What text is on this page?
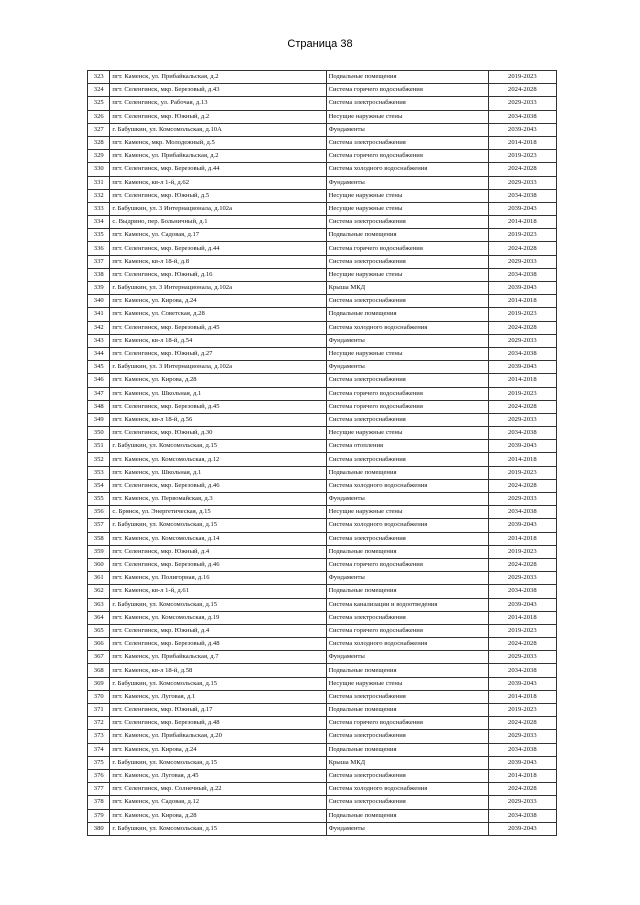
Страница 38
323	пгт. Каменск, ул. Прибайкальская, д.2	Подвальные помещения	2019-2023
324	пгт. Селенгинск, мкр. Березовый, д.43	Система горячего водоснабжения	2024-2028
325	пгт. Селенгинск, ул. Рабочая, д.13	Система электроснабжения	2029-2033
326	пгт. Селенгинск, мкр. Южный, д.2	Несущие наружные стены	2034-2038
327	г. Бабушкин, ул. Комсомольская, д.10А	Фундаменты	2039-2043
328	пгт. Каменск, мкр. Молодежный, д.5	Система электроснабжения	2014-2018
329	пгт. Каменск, ул. Прибайкальская, д.2	Система горячего водоснабжения	2019-2023
330	пгт. Селенгинск, мкр. Березовый, д.44	Система холодного водоснабжения	2024-2028
331	пгт. Каменск, кв-л 1-й, д.62	Фундаменты	2029-2033
332	пгт. Селенгинск, мкр. Южный, д.5	Несущие наружные стены	2034-2038
333	г. Бабушкин, ул. 3 Интернационала, д.102а	Несущие наружные стены	2039-2043
334	с. Выдрино, пер. Больничный, д.1	Система электроснабжения	2014-2018
335	пгт. Каменск, ул. Садовая, д.17	Подвальные помещения	2019-2023
336	пгт. Селенгинск, мкр. Березовый, д.44	Система горячего водоснабжения	2024-2028
337	пгт. Каменск, кв-л 18-й, д.8	Система электроснабжения	2029-2033
338	пгт. Селенгинск, мкр. Южный, д.16	Несущие наружные стены	2034-2038
339	г. Бабушкин, ул. 3 Интернационала, д.102а	Крыша МКД	2039-2043
340	пгт. Каменск, ул. Кирова, д.24	Система электроснабжения	2014-2018
341	пгт. Каменск, ул. Советская, д.28	Подвальные помещения	2019-2023
342	пгт. Селенгинск, мкр. Березовый, д.45	Система холодного водоснабжения	2024-2028
343	пгт. Каменск, кв-л 18-й, д.54	Фундаменты	2029-2033
344	пгт. Селенгинск, мкр. Южный, д.27	Несущие наружные стены	2034-2038
345	г. Бабушкин, ул. 3 Интернационала, д.102а	Фундаменты	2039-2043
346	пгт. Каменск, ул. Кирова, д.28	Система электроснабжения	2014-2018
347	пгт. Каменск, ул. Школьная, д.1	Система горячего водоснабжения	2019-2023
348	пгт. Селенгинск, мкр. Березовый, д.45	Система горячего водоснабжения	2024-2028
349	пгт. Каменск, кв-л 18-й, д.56	Система электроснабжения	2029-2033
350	пгт. Селенгинск, мкр. Южный, д.30	Несущие наружные стены	2034-2038
351	г. Бабушкин, ул. Комсомольская, д.15	Система отопления	2039-2043
352	пгт. Каменск, ул. Комсомольская, д.12	Система электроснабжения	2014-2018
353	пгт. Каменск, ул. Школьная, д.1	Подвальные помещения	2019-2023
354	пгт. Селенгинск, мкр. Березовый, д.46	Система холодного водоснабжения	2024-2028
355	пгт. Каменск, ул. Первомайская, д.3	Фундаменты	2029-2033
356	с. Брянск, ул. Энергетическая, д.15	Несущие наружные стены	2034-2038
357	г. Бабушкин, ул. Комсомольская, д.15	Система холодного водоснабжения	2039-2043
358	пгт. Каменск, ул. Комсомольская, д.14	Система электроснабжения	2014-2018
359	пгт. Селенгинск, мкр. Южный, д.4	Подвальные помещения	2019-2023
360	пгт. Селенгинск, мкр. Березовый, д.46	Система горячего водоснабжения	2024-2028
361	пгт. Каменск, ул. Полигорная, д.16	Фундаменты	2029-2033
362	пгт. Каменск, кв-л 1-й, д.61	Подвальные помещения	2034-2038
363	г. Бабушкин, ул. Комсомольская, д.15	Система канализации и водоотведения	2039-2043
364	пгт. Каменск, ул. Комсомольская, д.19	Система электроснабжения	2014-2018
365	пгт. Селенгинск, мкр. Южный, д.4	Система горячего водоснабжения	2019-2023
366	пгт. Селенгинск, мкр. Березовый, д.48	Система холодного водоснабжения	2024-2028
367	пгт. Каменск, ул. Прибайкальская, д.7	Фундаменты	2029-2033
368	пгт. Каменск, кв-л 18-й, д.58	Подвальные помещения	2034-2038
369	г. Бабушкин, ул. Комсомольская, д.15	Несущие наружные стены	2039-2043
370	пгт. Каменск, ул. Луговая, д.1	Система электроснабжения	2014-2018
371	пгт. Селенгинск, мкр. Южный, д.17	Подвальные помещения	2019-2023
372	пгт. Селенгинск, мкр. Березовый, д.48	Система горячего водоснабжения	2024-2028
373	пгт. Каменск, ул. Прибайкальская, д.20	Система электроснабжения	2029-2033
374	пгт. Каменск, ул. Кирова, д.24	Подвальные помещения	2034-2038
375	г. Бабушкин, ул. Комсомольская, д.15	Крыша МКД	2039-2043
376	пгт. Каменск, ул. Луговая, д.45	Система электроснабжения	2014-2018
377	пгт. Селенгинск, мкр. Солнечный, д.22	Система холодного водоснабжения	2024-2028
378	пгт. Каменск, ул. Садовая, д.12	Система электроснабжения	2029-2033
379	пгт. Каменск, ул. Кирова, д.28	Подвальные помещения	2034-2038
380	г. Бабушкин, ул. Комсомольская, д.15	Фундаменты	2039-2043
